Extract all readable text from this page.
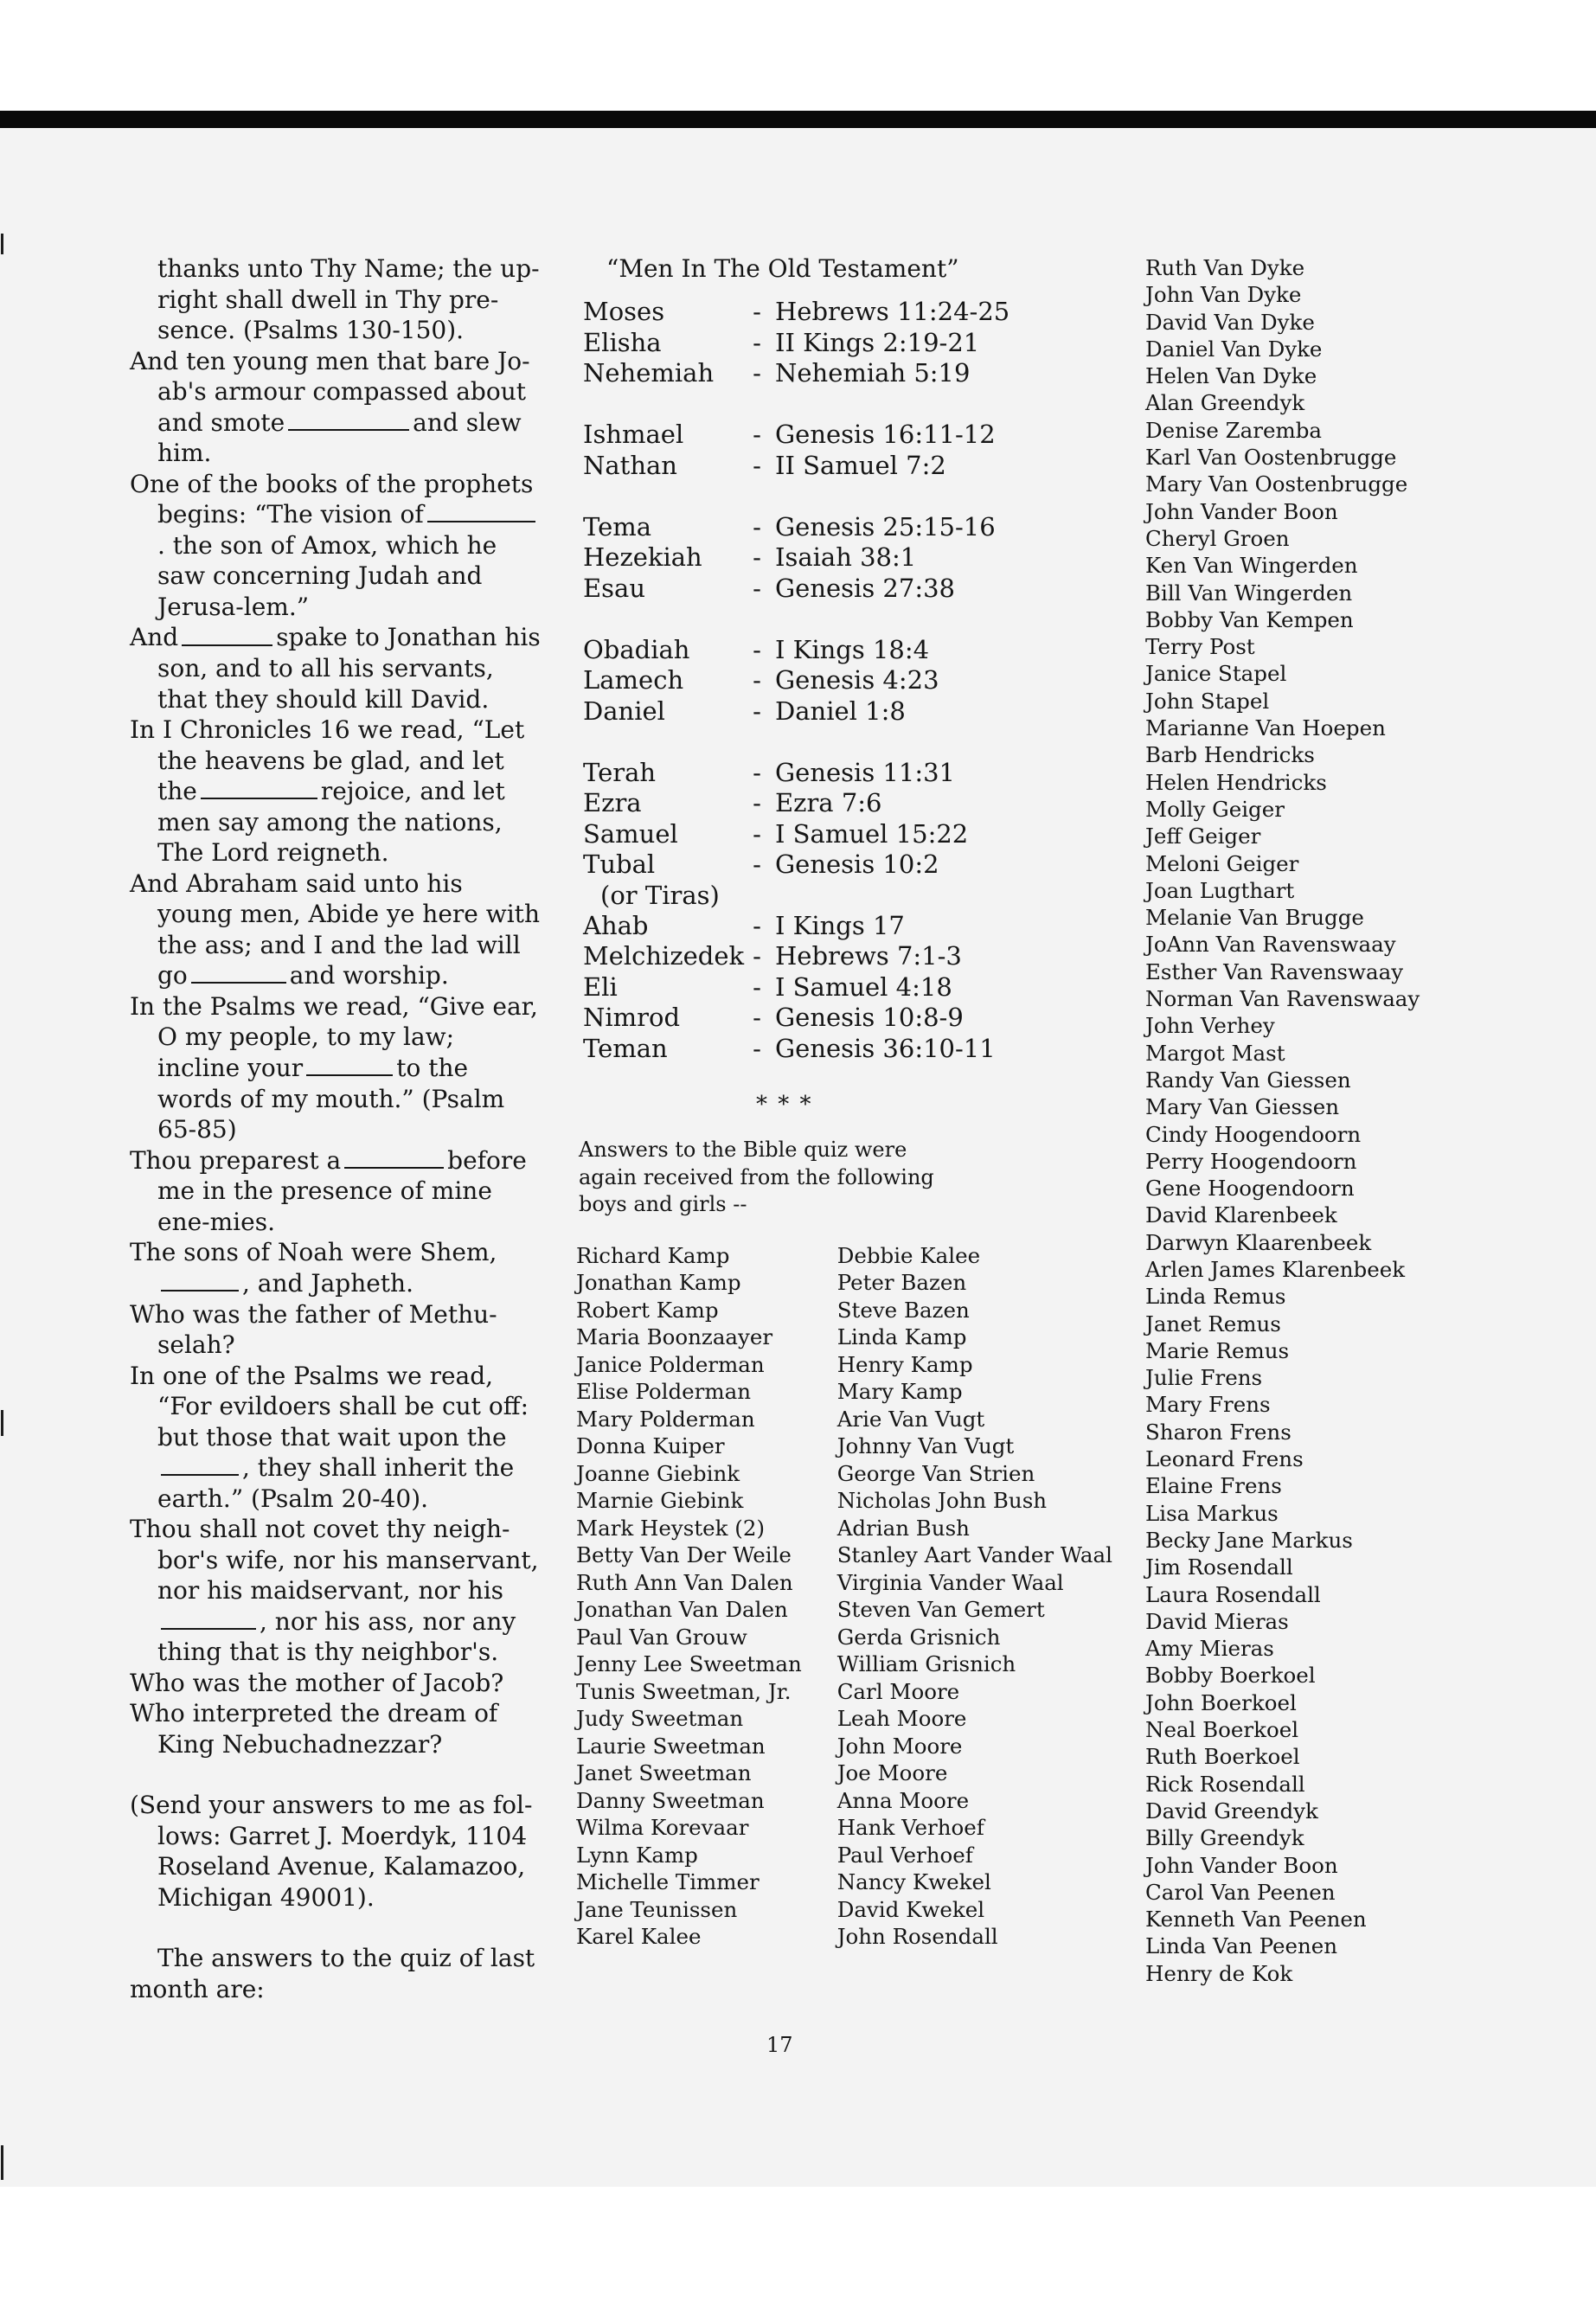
thanks unto Thy Name; the up-right shall dwell in Thy pre-sence. (Psalms 130-150).
And ten young men that bare Jo-ab's armour compassed about and smote	and slew him.
One of the books of the prophets begins: “The vision of. the son of Amox, which he saw concerning Judah and Jerusa-lem.”
And	spake to Jonathan his son, and to all his servants, that they should kill David.
In I Chronicles 16 we read, “Let the heavens be glad, and let the	rejoice, and let men say among the nations, The Lord reigneth.
And Abraham said unto his young men, Abide ye here with the ass; and I and the lad will go	and worship.
In the Psalms we read, “Give ear, O my people, to my law; incline your	to the words of my mouth.” (Psalm 65-85)
Thou preparest a	before me in the presence of mine ene-mies.
The sons of Noah were Shem,, and Japheth.
Who was the father of Methu-selah?
In one of the Psalms we read, “For evildoers shall be cut off: but those that wait upon the, they shall inherit the earth.” (Psalm 20-40).
Thou shall not covet thy neigh-bor's wife, nor his manservant, nor his maidservant, nor his, nor his ass, nor any thing that is thy neighbor's.
Who was the mother of Jacob?
Who interpreted the dream of King Nebuchadnezzar?
(Send your answers to me as fol-lows: Garret J. Moerdyk, 1104 Roseland Avenue, Kalamazoo, Michigan 49001).
The answers to the quiz of last month are:
“Men In The Old Testament”
Moses	- Hebrews 11:24-25
Elisha	- II Kings 2:19-21
Nehemiah	- Nehemiah 5:19
Ishmael	- Genesis 16:11-12
Nathan	- II Samuel 7:2
Tema	- Genesis 25:15-16
Hezekiah	- Isaiah 38:1
Esau	- Genesis 27:38
Obadiah	- I Kings 18:4
Lamech	- Genesis 4:23
Daniel	- Daniel 1:8
Terah	- Genesis 11:31
Ezra	- Ezra 7:6
Samuel	- I Samuel 15:22
Tubal	- Genesis 10:2
(or Tiras)
Ahab	- I Kings 17
Melchizedek - Hebrews 7:1-3
Eli	- I Samuel 4:18
Nimrod	- Genesis 10:8-9
Teman	- Genesis 36:10-11
* * *
Answers to the Bible quiz were again received from the following boys and girls --
Richard Kamp
Jonathan Kamp
Robert Kamp
Maria Boonzaayer
Janice Polderman
Elise Polderman
Mary Polderman
Donna Kuiper
Joanne Giebink
Marnie Giebink
Mark Heystek (2)
Betty Van Der Weile
Ruth Ann Van Dalen
Jonathan Van Dalen
Paul Van Grouw
Jenny Lee Sweetman
Tunis Sweetman, Jr.
Judy Sweetman
Laurie Sweetman
Janet Sweetman
Danny Sweetman
Wilma Korevaar
Lynn Kamp
Michelle Timmer
Jane Teunissen
Karel Kalee
Debbie Kalee
Peter Bazen
Steve Bazen
Linda Kamp
Henry Kamp
Mary Kamp
Arie Van Vugt
Johnny Van Vugt
George Van Strien
Nicholas John Bush
Adrian Bush
Stanley Aart Vander Waal
Virginia Vander Waal
Steven Van Gemert
Gerda Grisnich
William Grisnich
Carl Moore
Leah Moore
John Moore
Joe Moore
Anna Moore
Hank Verhoef
Paul Verhoef
Nancy Kwekel
David Kwekel
John Rosendall
Ruth Van Dyke
John Van Dyke
David Van Dyke
Daniel Van Dyke
Helen Van Dyke
Alan Greendyk
Denise Zaremba
Karl Van Oostenbrugge
Mary Van Oostenbrugge
John Vander Boon
Cheryl Groen
Ken Van Wingerden
Bill Van Wingerden
Bobby Van Kempen
Terry Post
Janice Stapel
John Stapel
Marianne Van Hoepen
Barb Hendricks
Helen Hendricks
Molly Geiger
Jeff Geiger
Meloni Geiger
Joan Lugthart
Melanie Van Brugge
JoAnn Van Ravenswaay
Esther Van Ravenswaay
Norman Van Ravenswaay
John Verhey
Margot Mast
Randy Van Giessen
Mary Van Giessen
Cindy Hoogendoorn
Perry Hoogendoorn
Gene Hoogendoorn
David Klarenbeek
Darwyn Klaarenbeek
Arlen James Klarenbeek
Linda Remus
Janet Remus
Marie Remus
Julie Frens
Mary Frens
Sharon Frens
Leonard Frens
Elaine Frens
Lisa Markus
Becky Jane Markus
Jim Rosendall
Laura Rosendall
David Mieras
Amy Mieras
Bobby Boerkoel
John Boerkoel
Neal Boerkoel
Ruth Boerkoel
Rick Rosendall
David Greendyk
Billy Greendyk
John Vander Boon
Carol Van Peenen
Kenneth Van Peenen
Linda Van Peenen
Henry de Kok
17
